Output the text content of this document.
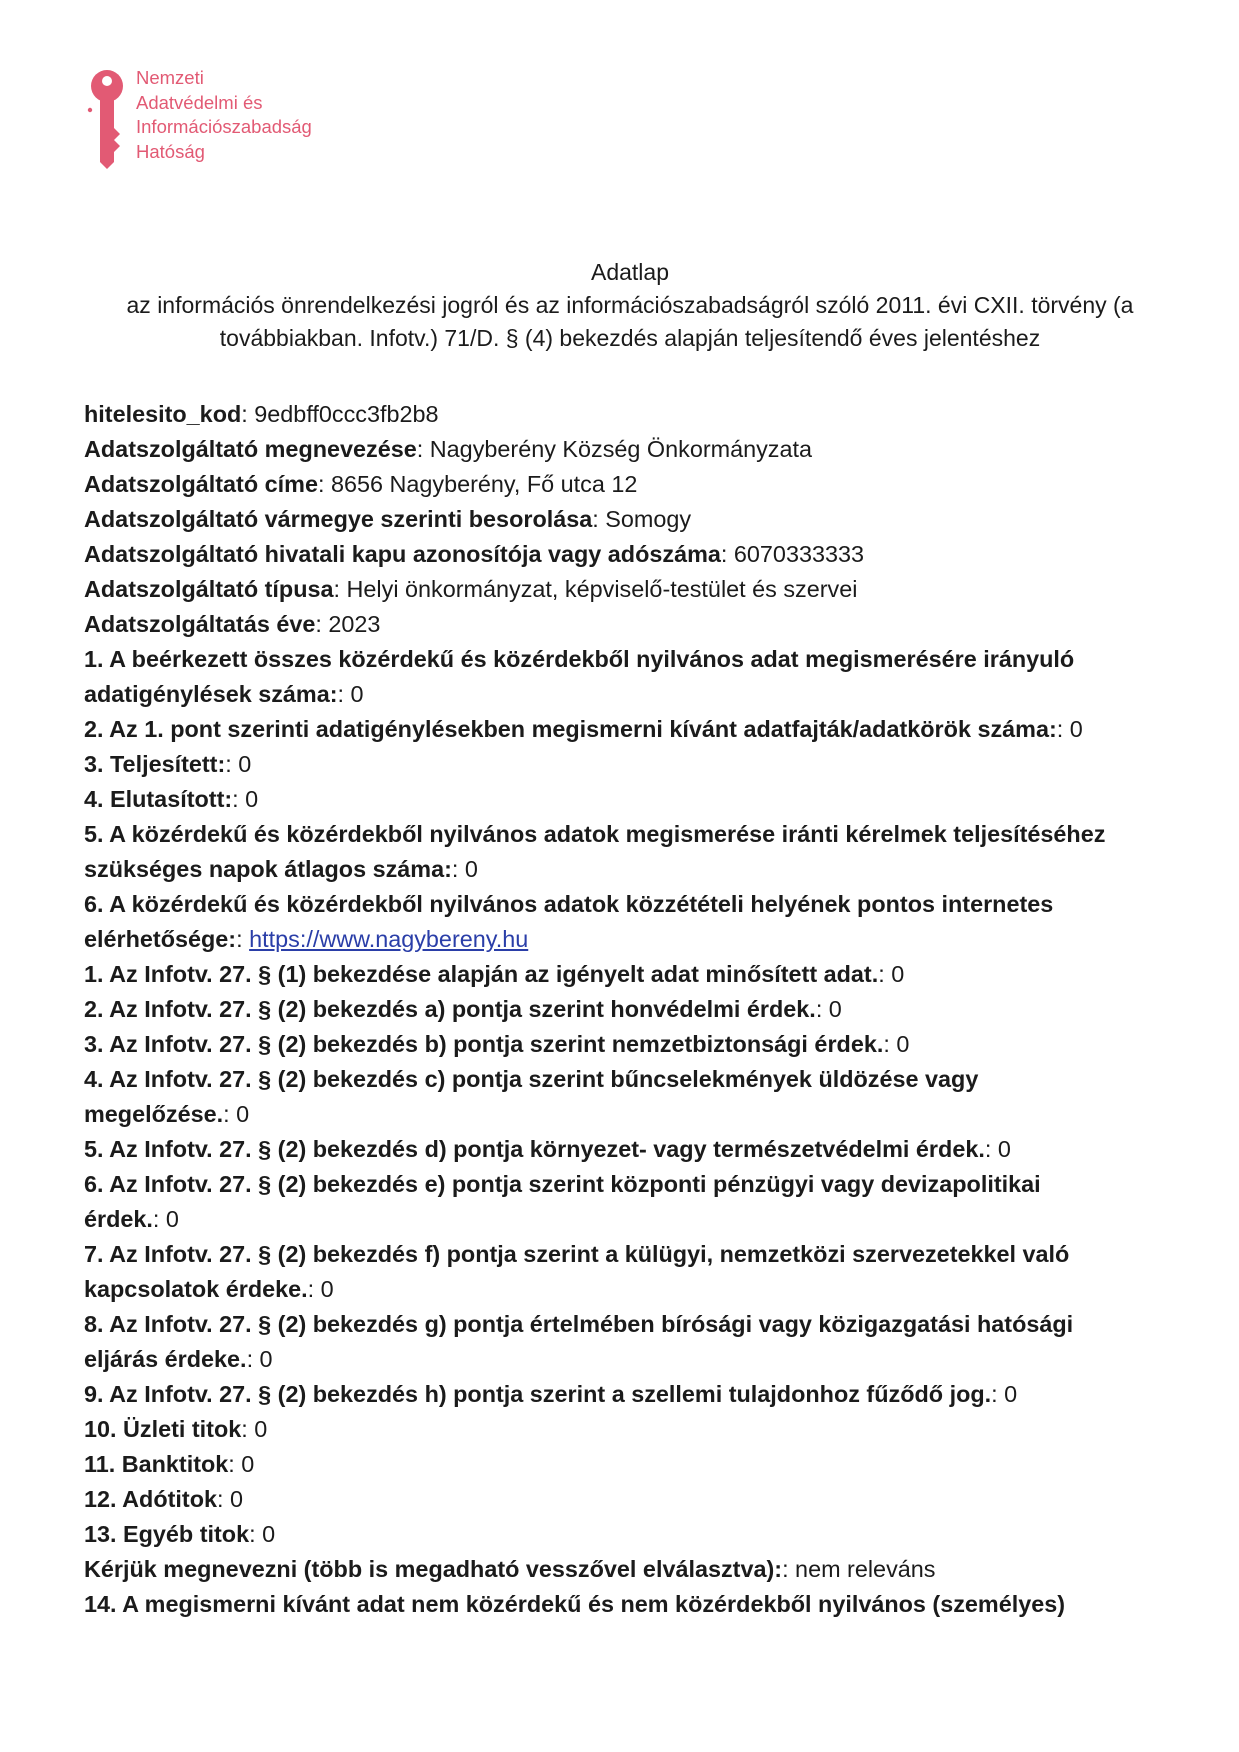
Nemzeti
Adatvédelmi és
Információszabadság
Hatóság
Adatlap
az információs önrendelkezési jogról és az információszabadságról szóló 2011. évi CXII. törvény (a
továbbiakban. Infotv.) 71/D. § (4) bekezdés alapján teljesítendő éves jelentéshez
hitelesito_kod: 9edbff0ccc3fb2b8
Adatszolgáltató megnevezése: Nagyberény Község Önkormányzata
Adatszolgáltató címe: 8656 Nagyberény, Fő utca 12
Adatszolgáltató vármegye szerinti besorolása: Somogy
Adatszolgáltató hivatali kapu azonosítója vagy adószáma: 6070333333
Adatszolgáltató típusa: Helyi önkormányzat, képviselő-testület és szervei
Adatszolgáltatás éve: 2023
1. A beérkezett összes közérdekű és közérdekből nyilvános adat megismerésére irányuló
adatigénylések száma:: 0
2. Az 1. pont szerinti adatigénylésekben megismerni kívánt adatfajták/adatkörök száma:: 0
3. Teljesített:: 0
4. Elutasított:: 0
5. A közérdekű és közérdekből nyilvános adatok megismerése iránti kérelmek teljesítéséhez
szükséges napok átlagos száma:: 0
6. A közérdekű és közérdekből nyilvános adatok közzétételi helyének pontos internetes
elérhetősége:: https://www.nagybereny.hu
1. Az Infotv. 27. § (1) bekezdése alapján az igényelt adat minősített adat.: 0
2. Az Infotv. 27. § (2) bekezdés a) pontja szerint honvédelmi érdek.: 0
3. Az Infotv. 27. § (2) bekezdés b) pontja szerint nemzetbiztonsági érdek.: 0
4. Az Infotv. 27. § (2) bekezdés c) pontja szerint bűncselekmények üldözése vagy
megelőzése.: 0
5. Az Infotv. 27. § (2) bekezdés d) pontja környezet- vagy természetvédelmi érdek.: 0
6. Az Infotv. 27. § (2) bekezdés e) pontja szerint központi pénzügyi vagy devizapolitikai
érdek.: 0
7. Az Infotv. 27. § (2) bekezdés f) pontja szerint a külügyi, nemzetközi szervezetekkel való
kapcsolatok érdeke.: 0
8. Az Infotv. 27. § (2) bekezdés g) pontja értelmében bírósági vagy közigazgatási hatósági
eljárás érdeke.: 0
9. Az Infotv. 27. § (2) bekezdés h) pontja szerint a szellemi tulajdonhoz fűződő jog.: 0
10. Üzleti titok: 0
11. Banktitok: 0
12. Adótitok: 0
13. Egyéb titok: 0
Kérjük megnevezni (több is megadható vesszővel elválasztva):: nem releváns
14. A megismerni kívánt adat nem közérdekű és nem közérdekből nyilvános (személyes)
